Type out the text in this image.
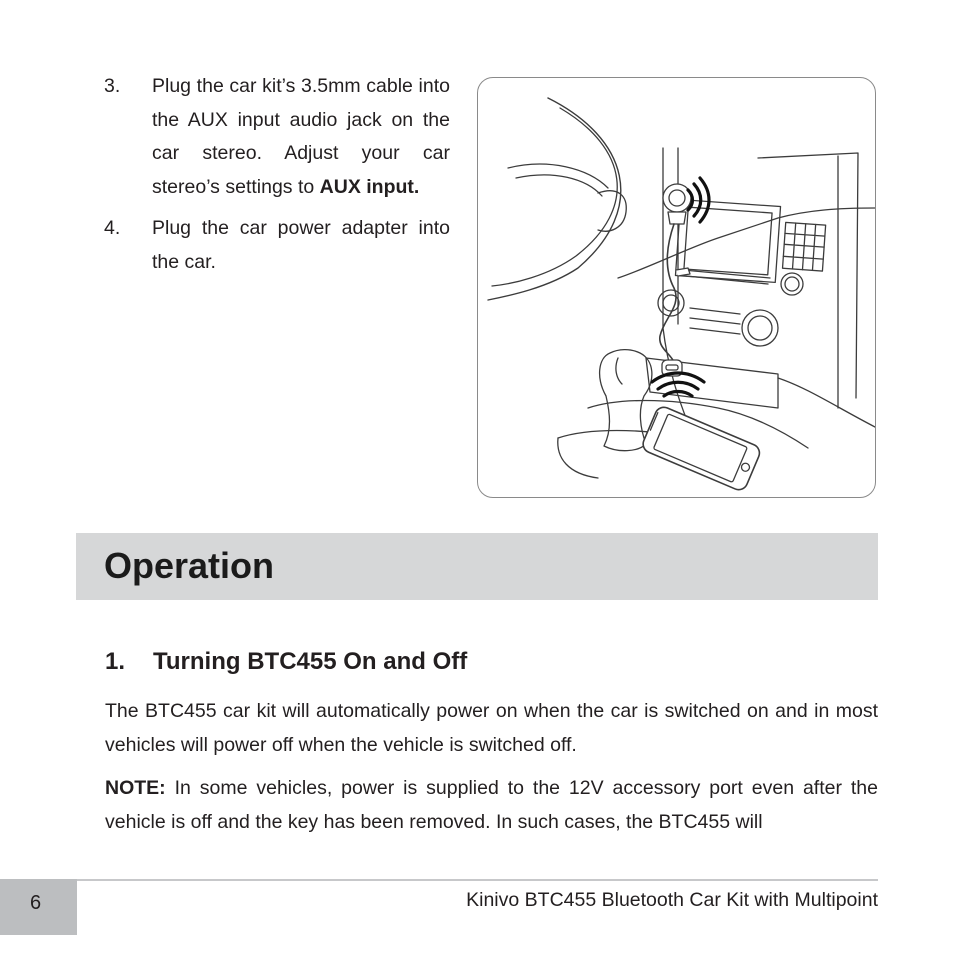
3.	Plug the car kit’s 3.5mm cable into the AUX input audio jack on the car stereo. Adjust your car stereo’s settings to AUX input.
4.	Plug the car power adapter into the car.
Operation
1.	Turning BTC455 On and Off
The BTC455 car kit will automatically power on when the car is switched on and in most vehicles will power off when the vehicle is switched off.
NOTE: In some vehicles, power is supplied to the 12V accessory port even after the vehicle is off and the key has been removed. In such cases, the BTC455 will
6	Kinivo BTC455 Bluetooth Car Kit with Multipoint
